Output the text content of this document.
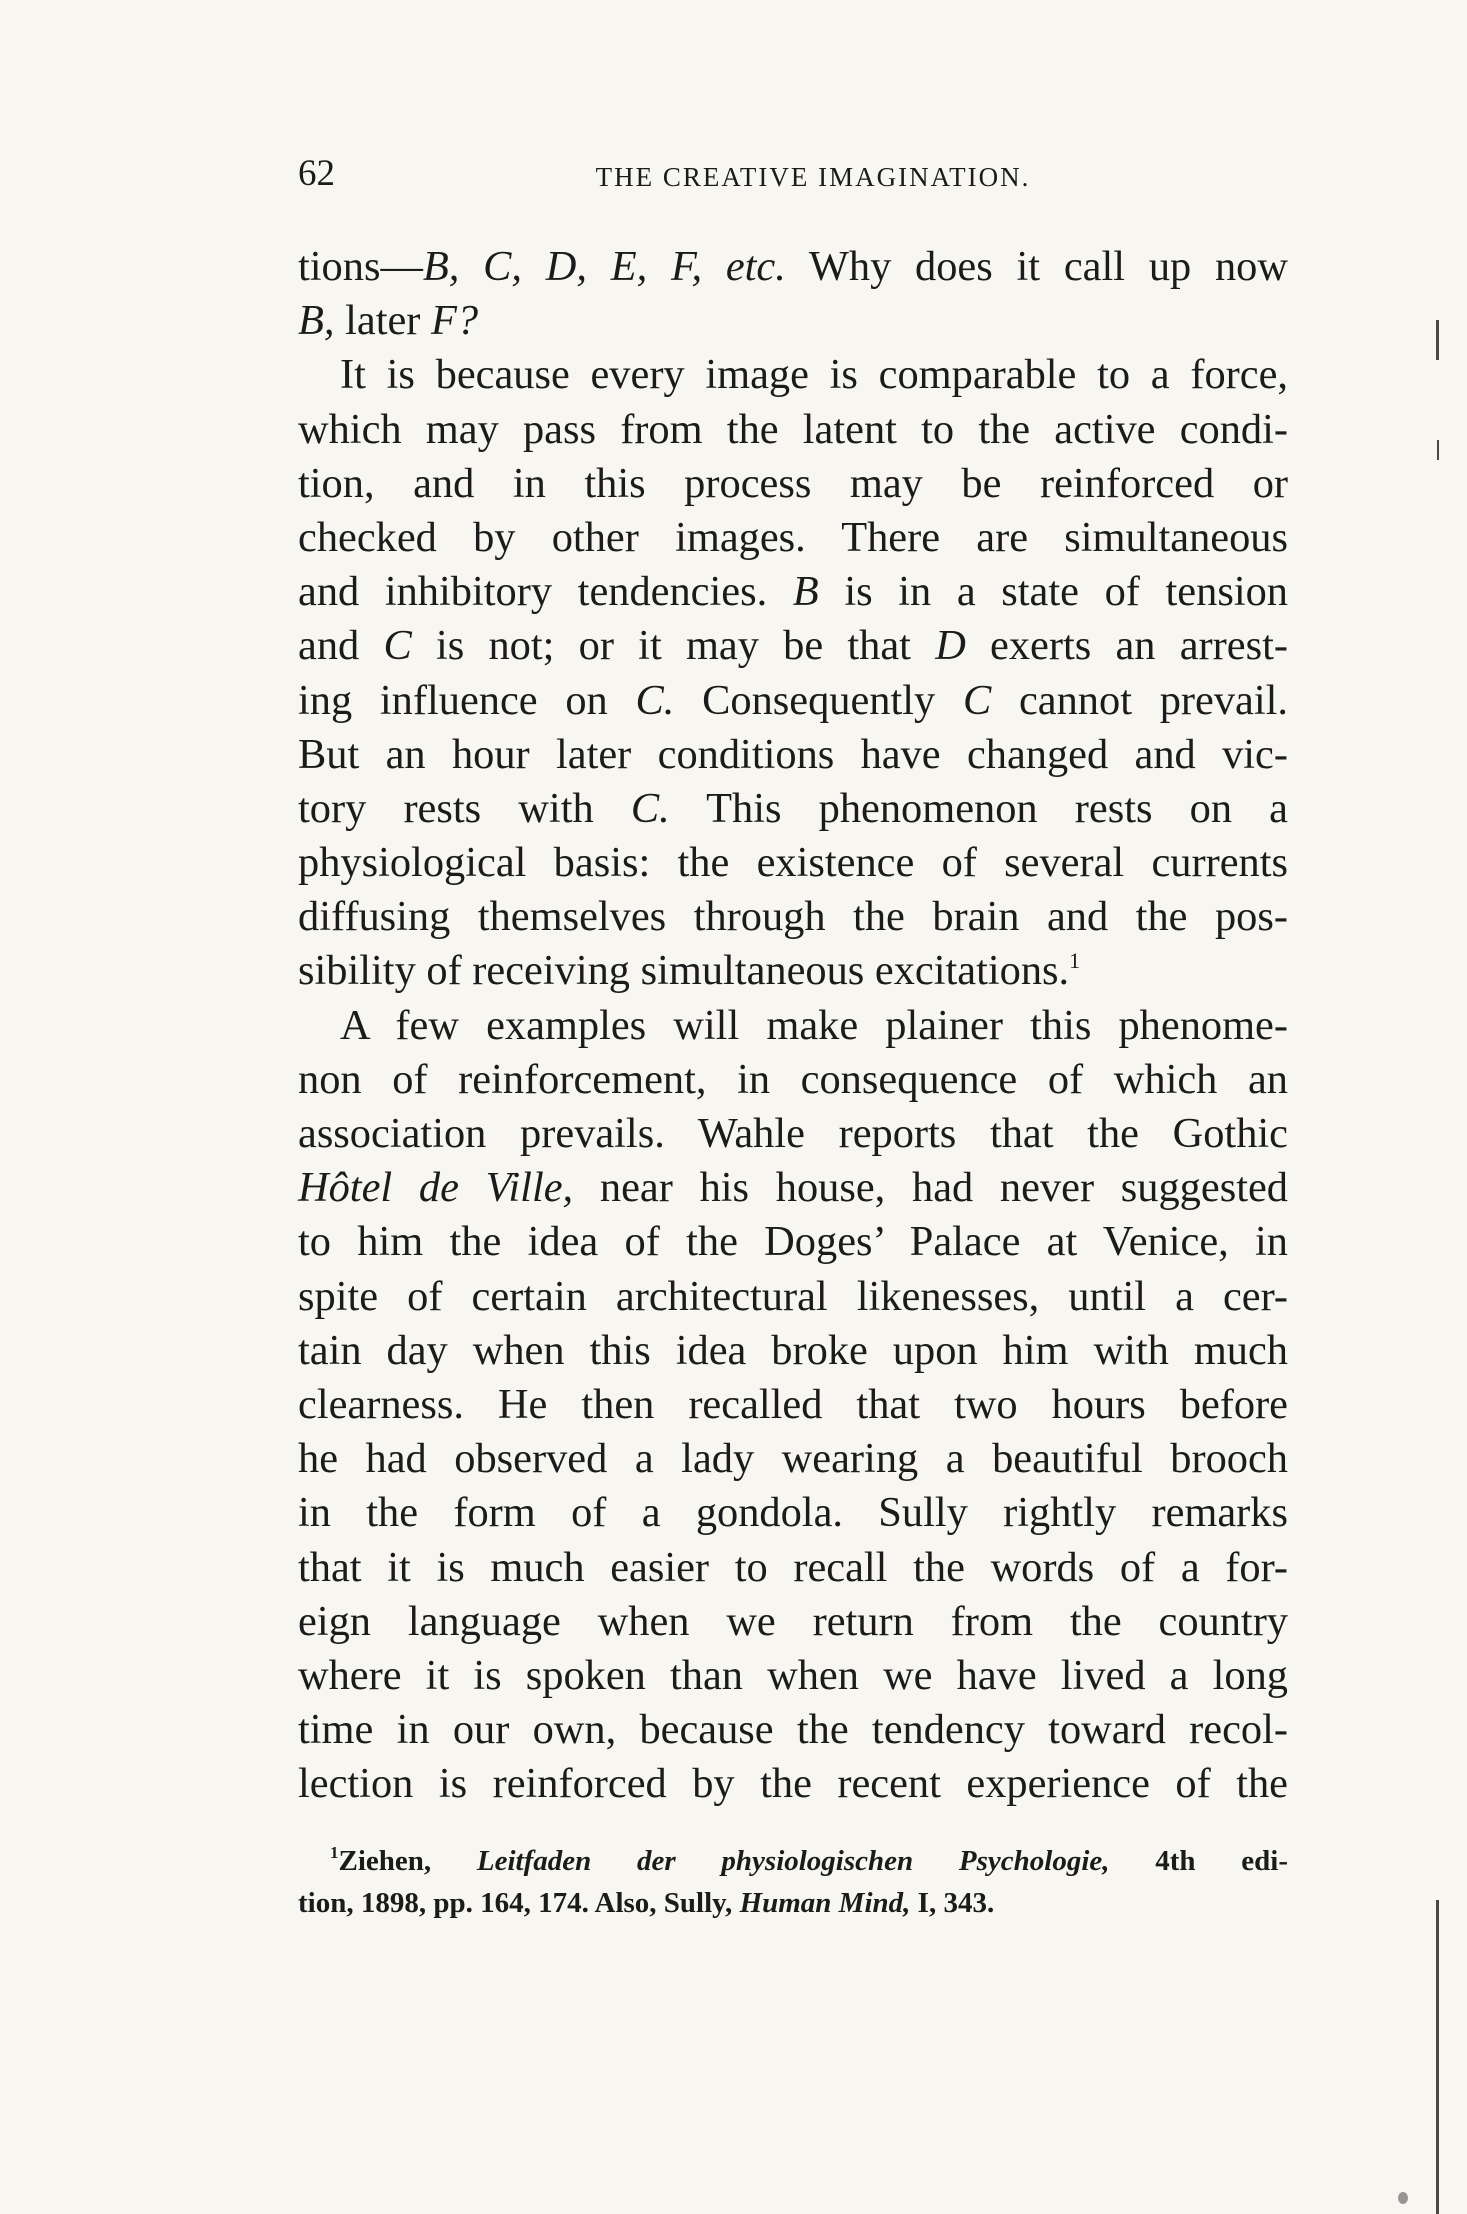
62	THE CREATIVE IMAGINATION.
tions—B, C, D, E, F, etc. Why does it call up now
B, later F?
It is because every image is comparable to a force,
which may pass from the latent to the active condi-
tion, and in this process may be reinforced or
checked by other images. There are simultaneous
and inhibitory tendencies. B is in a state of tension
and C is not; or it may be that D exerts an arrest-
ing influence on C. Consequently C cannot prevail.
But an hour later conditions have changed and vic-
tory rests with C. This phenomenon rests on a
physiological basis: the existence of several currents
diffusing themselves through the brain and the pos-
sibility of receiving simultaneous excitations.$^1$
A few examples will make plainer this phenome-
non of reinforcement, in consequence of which an
association prevails. Wahle reports that the Gothic
Hôtel de Ville, near his house, had never suggested
to him the idea of the Doges’ Palace at Venice, in
spite of certain architectural likenesses, until a cer-
tain day when this idea broke upon him with much
clearness. He then recalled that two hours before
he had observed a lady wearing a beautiful brooch
in the form of a gondola. Sully rightly remarks
that it is much easier to recall the words of a for-
eign language when we return from the country
where it is spoken than when we have lived a long
time in our own, because the tendency toward recol-
lection is reinforced by the recent experience of the
$^1$Ziehen, Leitfaden der physiologischen Psychologie, 4th edi-
tion, 1898, pp. 164, 174. Also, Sully, Human Mind, I, 343.
